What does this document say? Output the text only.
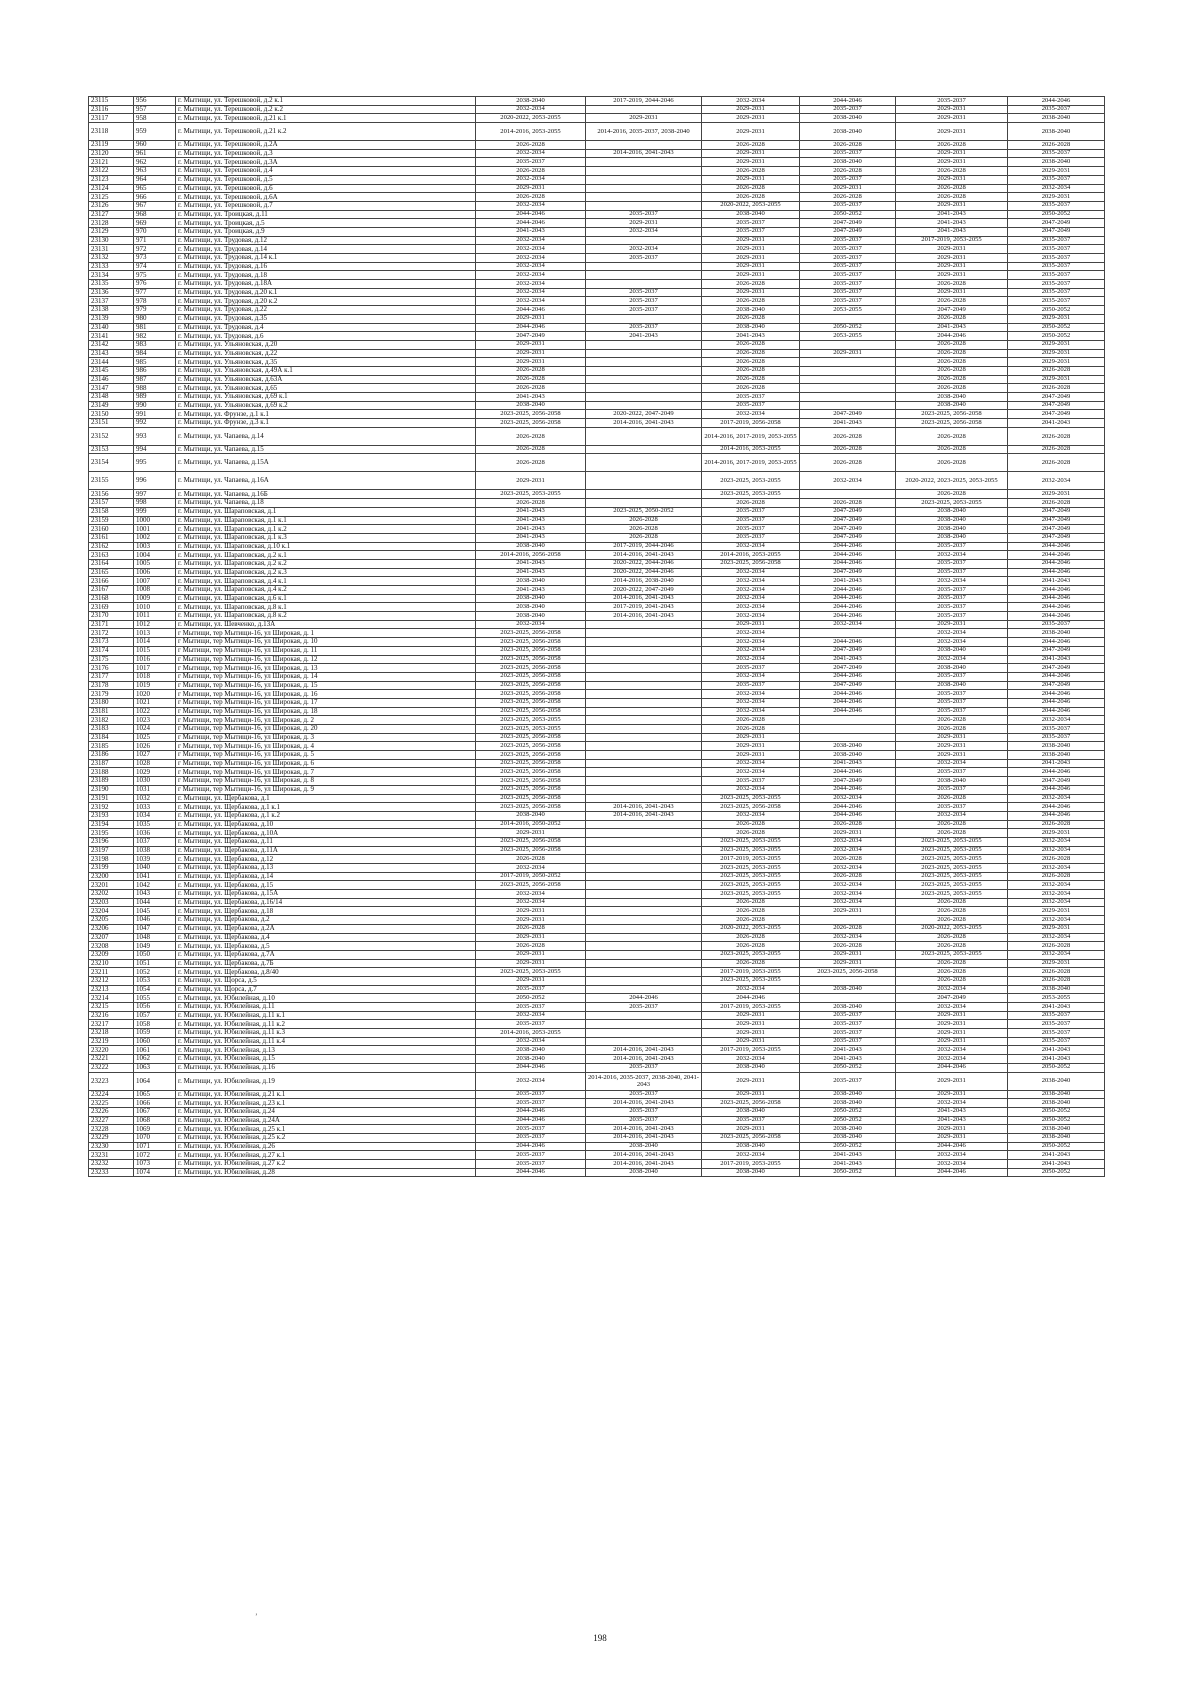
23115	956	г. Мытищи, ул. Терешковой, д.2 к.1	2038-2040	2017-2019, 2044-2046	2032-2034	2044-2046	2035-2037	2044-2046
23116	957	г. Мытищи, ул. Терешковой, д.2 к.2	2032-2034		2029-2031	2035-2037	2029-2031	2035-2037
23117	958	г. Мытищи, ул. Терешковой, д.21 к.1	2020-2022, 2053-2055	2029-2031	2029-2031	2038-2040	2029-2031	2038-2040
23118	959	г. Мытищи, ул. Терешковой, д.21 к.2	2014-2016, 2053-2055	2014-2016, 2035-2037, 2038-2040	2029-2031	2038-2040	2029-2031	2038-2040
23119	960	г. Мытищи, ул. Терешковой, д.2А	2026-2028		2026-2028	2026-2028	2026-2028	2026-2028
23120	961	г. Мытищи, ул. Терешковой, д.3	2032-2034	2014-2016, 2041-2043	2029-2031	2035-2037	2029-2031	2035-2037
23121	962	г. Мытищи, ул. Терешковой, д.3А	2035-2037		2029-2031	2038-2040	2029-2031	2038-2040
23122	963	г. Мытищи, ул. Терешковой, д.4	2026-2028		2026-2028	2026-2028	2026-2028	2029-2031
23123	964	г. Мытищи, ул. Терешковой, д.5	2032-2034		2029-2031	2035-2037	2029-2031	2035-2037
23124	965	г. Мытищи, ул. Терешковой, д.6	2029-2031		2026-2028	2029-2031	2026-2028	2032-2034
23125	966	г. Мытищи, ул. Терешковой, д.6А	2026-2028		2026-2028	2026-2028	2026-2028	2029-2031
23126	967	г. Мытищи, ул. Терешковой, д.7	2032-2034		2020-2022, 2053-2055	2035-2037	2029-2031	2035-2037
23127	968	г. Мытищи, ул. Троицкая, д.11	2044-2046	2035-2037	2038-2040	2050-2052	2041-2043	2050-2052
23128	969	г. Мытищи, ул. Троицкая, д.5	2044-2046	2029-2031	2035-2037	2047-2049	2041-2043	2047-2049
23129	970	г. Мытищи, ул. Троицкая, д.9	2041-2043	2032-2034	2035-2037	2047-2049	2041-2043	2047-2049
23130	971	г. Мытищи, ул. Трудовая, д.12	2032-2034		2029-2031	2035-2037	2017-2019, 2053-2055	2035-2037
23131	972	г. Мытищи, ул. Трудовая, д.14	2032-2034	2032-2034	2029-2031	2035-2037	2029-2031	2035-2037
23132	973	г. Мытищи, ул. Трудовая, д.14 к.1	2032-2034	2035-2037	2029-2031	2035-2037	2029-2031	2035-2037
23133	974	г. Мытищи, ул. Трудовая, д.16	2032-2034		2029-2031	2035-2037	2029-2031	2035-2037
23134	975	г. Мытищи, ул. Трудовая, д.18	2032-2034		2029-2031	2035-2037	2029-2031	2035-2037
23135	976	г. Мытищи, ул. Трудовая, д.18А	2032-2034		2026-2028	2035-2037	2026-2028	2035-2037
23136	977	г. Мытищи, ул. Трудовая, д.20 к.1	2032-2034	2035-2037	2029-2031	2035-2037	2029-2031	2035-2037
23137	978	г. Мытищи, ул. Трудовая, д.20 к.2	2032-2034	2035-2037	2026-2028	2035-2037	2026-2028	2035-2037
23138	979	г. Мытищи, ул. Трудовая, д.22	2044-2046	2035-2037	2038-2040	2053-2055	2047-2049	2050-2052
23139	980	г. Мытищи, ул. Трудовая, д.35	2029-2031		2026-2028		2026-2028	2029-2031
23140	981	г. Мытищи, ул. Трудовая, д.4	2044-2046	2035-2037	2038-2040	2050-2052	2041-2043	2050-2052
23141	982	г. Мытищи, ул. Трудовая, д.6	2047-2049	2041-2043	2041-2043	2053-2055	2044-2046	2050-2052
23142	983	г. Мытищи, ул. Ульяновская, д.20	2029-2031		2026-2028		2026-2028	2029-2031
23143	984	г. Мытищи, ул. Ульяновская, д.22	2029-2031		2026-2028	2029-2031	2026-2028	2029-2031
23144	985	г. Мытищи, ул. Ульяновская, д.35	2029-2031		2026-2028		2026-2028	2029-2031
23145	986	г. Мытищи, ул. Ульяновская, д.49А к.1	2026-2028		2026-2028		2026-2028	2026-2028
23146	987	г. Мытищи, ул. Ульяновская, д.63А	2026-2028		2026-2028		2026-2028	2029-2031
23147	988	г. Мытищи, ул. Ульяновская, д.65	2026-2028		2026-2028		2026-2028	2026-2028
23148	989	г. Мытищи, ул. Ульяновская, д.69 к.1	2041-2043		2035-2037		2038-2040	2047-2049
23149	990	г. Мытищи, ул. Ульяновская, д.69 к.2	2038-2040		2035-2037		2038-2040	2047-2049
23150	991	г. Мытищи, ул. Фрунзе, д.1 к.1	2023-2025, 2056-2058	2020-2022, 2047-2049	2032-2034	2047-2049	2023-2025, 2056-2058	2047-2049
23151	992	г. Мытищи, ул. Фрунзе, д.3 к.1	2023-2025, 2056-2058	2014-2016, 2041-2043	2017-2019, 2056-2058	2041-2043	2023-2025, 2056-2058	2041-2043
23152	993	г. Мытищи, ул. Чапаева, д.14	2026-2028		2014-2016, 2017-2019, 2053-2055	2026-2028	2026-2028	2026-2028
23153	994	г. Мытищи, ул. Чапаева, д.15	2026-2028		2014-2016, 2053-2055	2026-2028	2026-2028	2026-2028
23154	995	г. Мытищи, ул. Чапаева, д.15А	2026-2028		2014-2016, 2017-2019, 2053-2055	2026-2028	2026-2028	2026-2028
23155	996	г. Мытищи, ул. Чапаева, д.16А	2029-2031		2023-2025, 2053-2055	2032-2034	2020-2022, 2023-2025, 2053-2055	2032-2034
23156	997	г. Мытищи, ул. Чапаева, д.16Б	2023-2025, 2053-2055		2023-2025, 2053-2055		2026-2028	2029-2031
23157	998	г. Мытищи, ул. Чапаева, д.18	2026-2028		2026-2028	2026-2028	2023-2025, 2053-2055	2026-2028
23158	999	г. Мытищи, ул. Шараповская, д.1	2041-2043	2023-2025, 2050-2052	2035-2037	2047-2049	2038-2040	2047-2049
23159	1000	г. Мытищи, ул. Шараповская, д.1 к.1	2041-2043	2026-2028	2035-2037	2047-2049	2038-2040	2047-2049
23160	1001	г. Мытищи, ул. Шараповская, д.1 к.2	2041-2043	2026-2028	2035-2037	2047-2049	2038-2040	2047-2049
23161	1002	г. Мытищи, ул. Шараповская, д.1 к.3	2041-2043	2026-2028	2035-2037	2047-2049	2038-2040	2047-2049
23162	1003	г. Мытищи, ул. Шараповская, д.10 к.1	2038-2040	2017-2019, 2044-2046	2032-2034	2044-2046	2035-2037	2044-2046
23163	1004	г. Мытищи, ул. Шараповская, д.2 к.1	2014-2016, 2056-2058	2014-2016, 2041-2043	2014-2016, 2053-2055	2044-2046	2032-2034	2044-2046
23164	1005	г. Мытищи, ул. Шараповская, д.2 к.2	2041-2043	2020-2022, 2044-2046	2023-2025, 2056-2058	2044-2046	2035-2037	2044-2046
23165	1006	г. Мытищи, ул. Шараповская, д.2 к.3	2041-2043	2020-2022, 2044-2046	2032-2034	2047-2049	2035-2037	2044-2046
23166	1007	г. Мытищи, ул. Шараповская, д.4 к.1	2038-2040	2014-2016, 2038-2040	2032-2034	2041-2043	2032-2034	2041-2043
23167	1008	г. Мытищи, ул. Шараповская, д.4 к.2	2041-2043	2020-2022, 2047-2049	2032-2034	2044-2046	2035-2037	2044-2046
23168	1009	г. Мытищи, ул. Шараповская, д.6 к.1	2038-2040	2014-2016, 2041-2043	2032-2034	2044-2046	2035-2037	2044-2046
23169	1010	г. Мытищи, ул. Шараповская, д.8 к.1	2038-2040	2017-2019, 2041-2043	2032-2034	2044-2046	2035-2037	2044-2046
23170	1011	г. Мытищи, ул. Шараповская, д.8 к.2	2038-2040	2014-2016, 2041-2043	2032-2034	2044-2046	2035-2037	2044-2046
23171	1012	г. Мытищи, ул. Шевченко, д.13А	2032-2034		2029-2031	2032-2034	2029-2031	2035-2037
23172	1013	г Мытищи, тер Мытищи-16, ул Широкая, д. 1	2023-2025, 2056-2058		2032-2034		2032-2034	2038-2040
23173	1014	г Мытищи, тер Мытищи-16, ул Широкая, д. 10	2023-2025, 2056-2058		2032-2034	2044-2046	2032-2034	2044-2046
23174	1015	г Мытищи, тер Мытищи-16, ул Широкая, д. 11	2023-2025, 2056-2058		2032-2034	2047-2049	2038-2040	2047-2049
23175	1016	г Мытищи, тер Мытищи-16, ул Широкая, д. 12	2023-2025, 2056-2058		2032-2034	2041-2043	2032-2034	2041-2043
23176	1017	г Мытищи, тер Мытищи-16, ул Широкая, д. 13	2023-2025, 2056-2058		2035-2037	2047-2049	2038-2040	2047-2049
23177	1018	г Мытищи, тер Мытищи-16, ул Широкая, д. 14	2023-2025, 2056-2058		2032-2034	2044-2046	2035-2037	2044-2046
23178	1019	г Мытищи, тер Мытищи-16, ул Широкая, д. 15	2023-2025, 2056-2058		2035-2037	2047-2049	2038-2040	2047-2049
23179	1020	г Мытищи, тер Мытищи-16, ул Широкая, д. 16	2023-2025, 2056-2058		2032-2034	2044-2046	2035-2037	2044-2046
23180	1021	г Мытищи, тер Мытищи-16, ул Широкая, д. 17	2023-2025, 2056-2058		2032-2034	2044-2046	2035-2037	2044-2046
23181	1022	г Мытищи, тер Мытищи-16, ул Широкая, д. 18	2023-2025, 2056-2058		2032-2034	2044-2046	2035-2037	2044-2046
23182	1023	г Мытищи, тер Мытищи-16, ул Широкая, д. 2	2023-2025, 2053-2055		2026-2028		2026-2028	2032-2034
23183	1024	г Мытищи, тер Мытищи-16, ул Широкая, д. 20	2023-2025, 2053-2055		2026-2028		2026-2028	2035-2037
23184	1025	г Мытищи, тер Мытищи-16, ул Широкая, д. 3	2023-2025, 2056-2058		2029-2031		2029-2031	2035-2037
23185	1026	г Мытищи, тер Мытищи-16, ул Широкая, д. 4	2023-2025, 2056-2058		2029-2031	2038-2040	2029-2031	2038-2040
23186	1027	г Мытищи, тер Мытищи-16, ул Широкая, д. 5	2023-2025, 2056-2058		2029-2031	2038-2040	2029-2031	2038-2040
23187	1028	г Мытищи, тер Мытищи-16, ул Широкая, д. 6	2023-2025, 2056-2058		2032-2034	2041-2043	2032-2034	2041-2043
23188	1029	г Мытищи, тер Мытищи-16, ул Широкая, д. 7	2023-2025, 2056-2058		2032-2034	2044-2046	2035-2037	2044-2046
23189	1030	г Мытищи, тер Мытищи-16, ул Широкая, д. 8	2023-2025, 2056-2058		2035-2037	2047-2049	2038-2040	2047-2049
23190	1031	г Мытищи, тер Мытищи-16, ул Широкая, д. 9	2023-2025, 2056-2058		2032-2034	2044-2046	2035-2037	2044-2046
23191	1032	г. Мытищи, ул. Щербакова, д.1	2023-2025, 2056-2058		2023-2025, 2053-2055	2032-2034	2026-2028	2032-2034
23192	1033	г. Мытищи, ул. Щербакова, д.1 к.1	2023-2025, 2056-2058	2014-2016, 2041-2043	2023-2025, 2056-2058	2044-2046	2035-2037	2044-2046
23193	1034	г. Мытищи, ул. Щербакова, д.1 к.2	2038-2040	2014-2016, 2041-2043	2032-2034	2044-2046	2032-2034	2044-2046
23194	1035	г. Мытищи, ул. Щербакова, д.10	2014-2016, 2050-2052		2026-2028	2026-2028	2026-2028	2026-2028
23195	1036	г. Мытищи, ул. Щербакова, д.10А	2029-2031		2026-2028	2029-2031	2026-2028	2029-2031
23196	1037	г. Мытищи, ул. Щербакова, д.11	2023-2025, 2056-2058		2023-2025, 2053-2055	2032-2034	2023-2025, 2053-2055	2032-2034
23197	1038	г. Мытищи, ул. Щербакова, д.11А	2023-2025, 2056-2058		2023-2025, 2053-2055	2032-2034	2023-2025, 2053-2055	2032-2034
23198	1039	г. Мытищи, ул. Щербакова, д.12	2026-2028		2017-2019, 2053-2055	2026-2028	2023-2025, 2053-2055	2026-2028
23199	1040	г. Мытищи, ул. Щербакова, д.13	2032-2034		2023-2025, 2053-2055	2032-2034	2023-2025, 2053-2055	2032-2034
23200	1041	г. Мытищи, ул. Щербакова, д.14	2017-2019, 2050-2052		2023-2025, 2053-2055	2026-2028	2023-2025, 2053-2055	2026-2028
23201	1042	г. Мытищи, ул. Щербакова, д.15	2023-2025, 2056-2058		2023-2025, 2053-2055	2032-2034	2023-2025, 2053-2055	2032-2034
23202	1043	г. Мытищи, ул. Щербакова, д.15А	2032-2034		2023-2025, 2053-2055	2032-2034	2023-2025, 2053-2055	2032-2034
23203	1044	г. Мытищи, ул. Щербакова, д.16/14	2032-2034		2026-2028	2032-2034	2026-2028	2032-2034
23204	1045	г. Мытищи, ул. Щербакова, д.18	2029-2031		2026-2028	2029-2031	2026-2028	2029-2031
23205	1046	г. Мытищи, ул. Щербакова, д.2	2029-2031		2026-2028		2026-2028	2032-2034
23206	1047	г. Мытищи, ул. Щербакова, д.2А	2026-2028		2020-2022, 2053-2055	2026-2028	2020-2022, 2053-2055	2029-2031
23207	1048	г. Мытищи, ул. Щербакова, д.4	2029-2031		2026-2028	2032-2034	2026-2028	2032-2034
23208	1049	г. Мытищи, ул. Щербакова, д.5	2026-2028		2026-2028	2026-2028	2026-2028	2026-2028
23209	1050	г. Мытищи, ул. Щербакова, д.7А	2029-2031		2023-2025, 2053-2055	2029-2031	2023-2025, 2053-2055	2032-2034
23210	1051	г. Мытищи, ул. Щербакова, д.7Б	2029-2031		2026-2028	2029-2031	2026-2028	2029-2031
23211	1052	г. Мытищи, ул. Щербакова, д.8/40	2023-2025, 2053-2055		2017-2019, 2053-2055	2023-2025, 2056-2058	2026-2028	2026-2028
23212	1053	г. Мытищи, ул. Щорса, д.5	2029-2031		2023-2025, 2053-2055		2026-2028	2026-2028
23213	1054	г. Мытищи, ул. Щорса, д.7	2035-2037		2032-2034	2038-2040	2032-2034	2038-2040
23214	1055	г. Мытищи, ул. Юбилейная, д.10	2050-2052	2044-2046	2044-2046		2047-2049	2053-2055
23215	1056	г. Мытищи, ул. Юбилейная, д.11	2035-2037	2035-2037	2017-2019, 2053-2055	2038-2040	2032-2034	2041-2043
23216	1057	г. Мытищи, ул. Юбилейная, д.11 к.1	2032-2034		2029-2031	2035-2037	2029-2031	2035-2037
23217	1058	г. Мытищи, ул. Юбилейная, д.11 к.2	2035-2037		2029-2031	2035-2037	2029-2031	2035-2037
23218	1059	г. Мытищи, ул. Юбилейная, д.11 к.3	2014-2016, 2053-2055		2029-2031	2035-2037	2029-2031	2035-2037
23219	1060	г. Мытищи, ул. Юбилейная, д.11 к.4	2032-2034		2029-2031	2035-2037	2029-2031	2035-2037
23220	1061	г. Мытищи, ул. Юбилейная, д.13	2038-2040	2014-2016, 2041-2043	2017-2019, 2053-2055	2041-2043	2032-2034	2041-2043
23221	1062	г. Мытищи, ул. Юбилейная, д.15	2038-2040	2014-2016, 2041-2043	2032-2034	2041-2043	2032-2034	2041-2043
23222	1063	г. Мытищи, ул. Юбилейная, д.16	2044-2046	2035-2037	2038-2040	2050-2052	2044-2046	2050-2052
23223	1064	г. Мытищи, ул. Юбилейная, д.19	2032-2034	2014-2016, 2035-2037, 2038-2040, 2041-2043	2029-2031	2035-2037	2029-2031	2038-2040
23224	1065	г. Мытищи, ул. Юбилейная, д.21 к.1	2035-2037	2035-2037	2029-2031	2038-2040	2029-2031	2038-2040
23225	1066	г. Мытищи, ул. Юбилейная, д.23 к.1	2035-2037	2014-2016, 2041-2043	2023-2025, 2056-2058	2038-2040	2032-2034	2038-2040
23226	1067	г. Мытищи, ул. Юбилейная, д.24	2044-2046	2035-2037	2038-2040	2050-2052	2041-2043	2050-2052
23227	1068	г. Мытищи, ул. Юбилейная, д.24А	2044-2046	2035-2037	2035-2037	2050-2052	2041-2043	2050-2052
23228	1069	г. Мытищи, ул. Юбилейная, д.25 к.1	2035-2037	2014-2016, 2041-2043	2029-2031	2038-2040	2029-2031	2038-2040
23229	1070	г. Мытищи, ул. Юбилейная, д.25 к.2	2035-2037	2014-2016, 2041-2043	2023-2025, 2056-2058	2038-2040	2029-2031	2038-2040
23230	1071	г. Мытищи, ул. Юбилейная, д.26	2044-2046	2038-2040	2038-2040	2050-2052	2044-2046	2050-2052
23231	1072	г. Мытищи, ул. Юбилейная, д.27 к.1	2035-2037	2014-2016, 2041-2043	2032-2034	2041-2043	2032-2034	2041-2043
23232	1073	г. Мытищи, ул. Юбилейная, д.27 к.2	2035-2037	2014-2016, 2041-2043	2017-2019, 2053-2055	2041-2043	2032-2034	2041-2043
23233	1074	г. Мытищи, ул. Юбилейная, д.28	2044-2046	2038-2040	2038-2040	2050-2052	2044-2046	2050-2052
’
198
